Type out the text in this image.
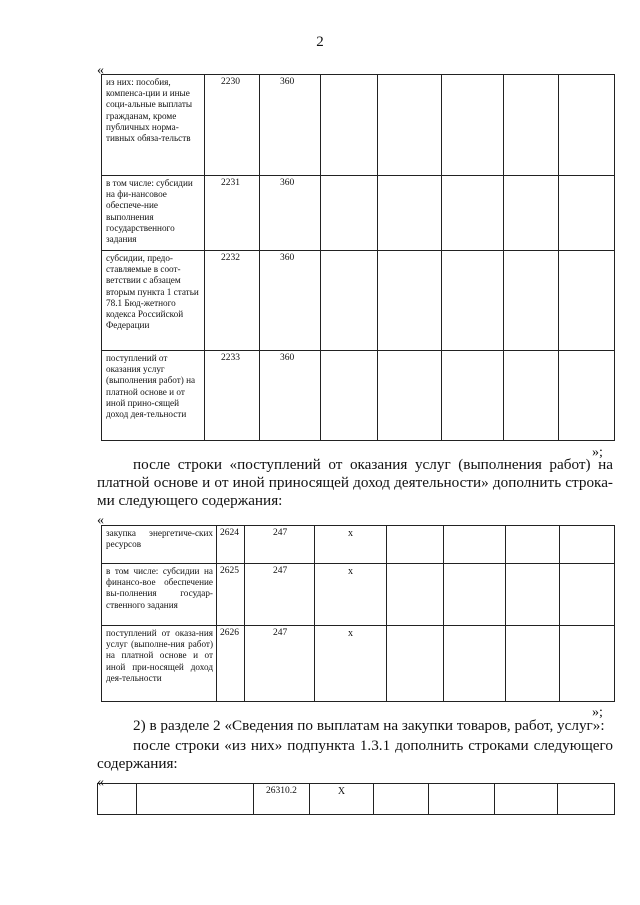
2
«
из них: пособия, компенса-ции и иные соци-альные выплаты гражданам, кроме публичных норма-тивных обяза-тельств	2230	360					
в том числе: субсидии на фи-нансовое обеспече-ние выполнения государственного задания	2231	360					
субсидии, предо-ставляемые в соот-ветствии с абзацем вторым пункта 1 статьи 78.1 Бюд-жетного кодекса Российской Федерации	2232	360					
поступлений от оказания услуг (выполнения работ) на платной основе и от иной прино-сящей доход дея-тельности	2233	360					
»;
после строки «поступлений от оказания услуг (выполнения работ) на платной основе и от иной приносящей доход деятельности» дополнить строка-ми следующего содержания:
«
закупка энергетиче-ских ресурсов	2624	247	х				
в том числе: субсидии на финансо-вое обеспечение вы-полнения государ-ственного задания	2625	247	х				
поступлений от оказа-ния услуг (выполне-ния работ) на платной основе и от иной при-носящей доход дея-тельности	2626	247	х				
»;
2) в разделе 2 «Сведения по выплатам на закупки товаров, работ, услуг»:
после строки «из них» подпункта 1.3.1 дополнить строками следующего содержания:
«
		26310.2	Х				
